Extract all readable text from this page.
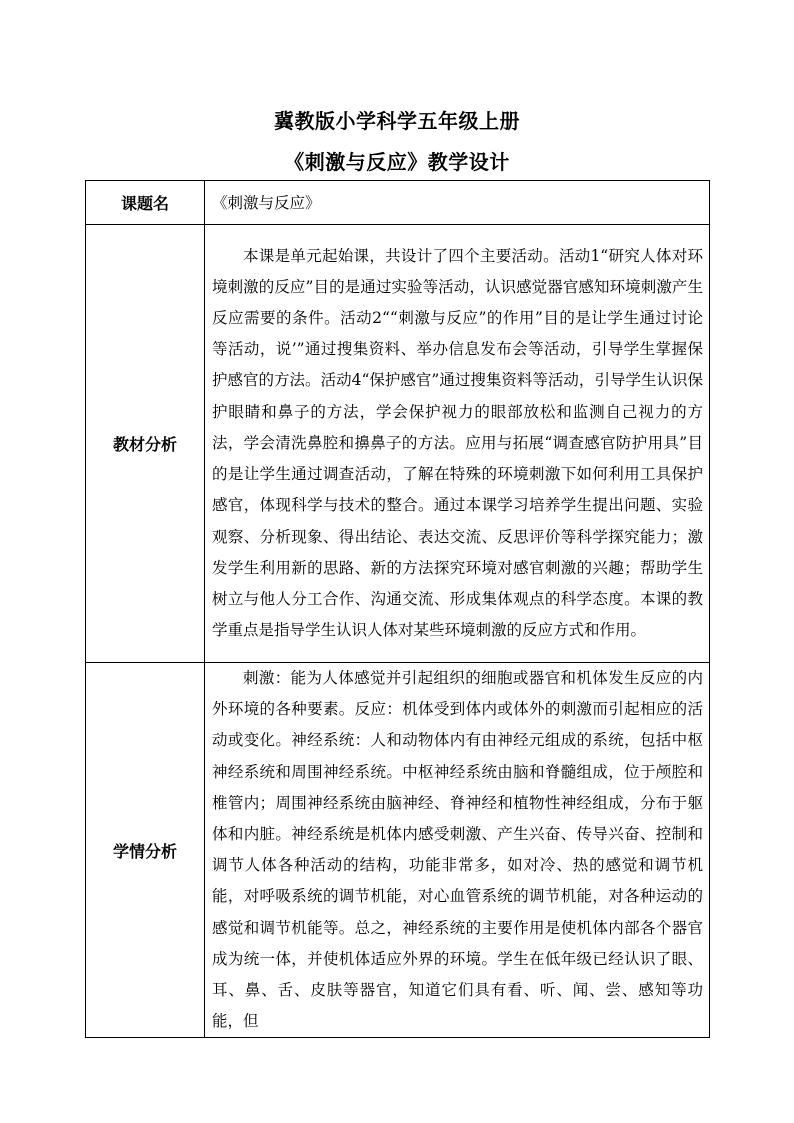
冀教版小学科学五年级上册
《刺激与反应》教学设计
课题名	《刺激与反应》
教材分析	本课是单元起始课，共设计了四个主要活动。活动1“研究人体对环境刺激的反应”目的是通过实验等活动，认识感觉器官感知环境刺激产生反应需要的条件。活动2““刺激与反应”的作用”目的是让学生通过讨论等活动，说’”通过搜集资料、举办信息发布会等活动，引导学生掌握保护感官的方法。活动4“保护感官”通过搜集资料等活动，引导学生认识保护眼睛和鼻子的方法，学会保护视力的眼部放松和监测自己视力的方法，学会清洗鼻腔和擤鼻子的方法。应用与拓展“调查感官防护用具”目的是让学生通过调查活动，了解在特殊的环境刺激下如何利用工具保护感官，体现科学与技术的整合。通过本课学习培养学生提出问题、实验观察、分析现象、得出结论、表达交流、反思评价等科学探究能力；激发学生利用新的思路、新的方法探究环境对感官刺激的兴趣；帮助学生树立与他人分工合作、沟通交流、形成集体观点的科学态度。本课的教学重点是指导学生认识人体对某些环境刺激的反应方式和作用。

学情分析	刺激：能为人体感觉并引起组织的细胞或器官和机体发生反应的内外环境的各种要素。反应：机体受到体内或体外的刺激而引起相应的活动或变化。神经系统：人和动物体内有由神经元组成的系统，包括中枢神经系统和周围神经系统。中枢神经系统由脑和脊髓组成，位于颅腔和椎管内；周围神经系统由脑神经、脊神经和植物性神经组成，分布于躯体和内脏。神经系统是机体内感受刺激、产生兴奋、传导兴奋、控制和调节人体各种活动的结构，功能非常多，如对冷、热的感觉和调节机能，对呼吸系统的调节机能，对心血管系统的调节机能，对各种运动的感觉和调节机能等。总之，神经系统的主要作用是使机体内部各个器官成为统一体，并使机体适应外界的环境。学生在低年级已经认识了眼、耳、鼻、舌、皮肤等器官，知道它们具有看、听、闻、尝、感知等功能，但
